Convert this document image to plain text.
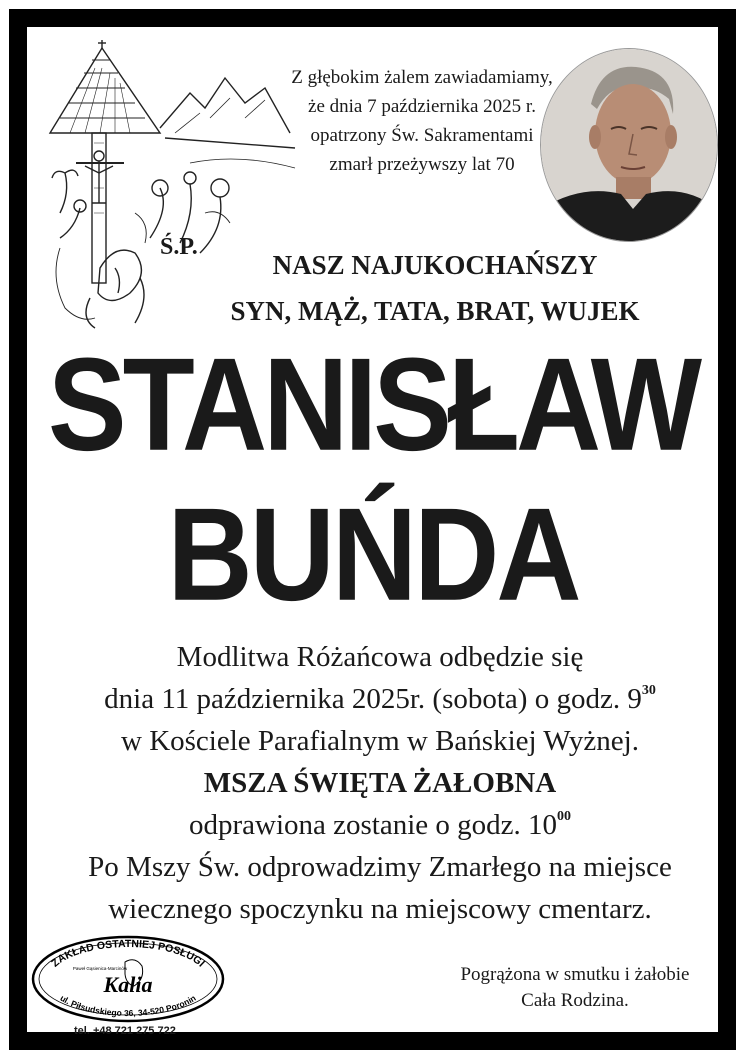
Ś.P.
Z głębokim żalem zawiadamiamy,
że dnia 7 października 2025 r.
opatrzony Św. Sakramentami
zmarł przeżywszy lat 70
NASZ NAJUKOCHAŃSZY
SYN, MĄŻ, TATA, BRAT, WUJEK
STANISŁAW
BUŃDA
Modlitwa Różańcowa odbędzie się
dnia 11 października 2025r. (sobota) o godz. $9^{30}$
w Kościele Parafialnym w Bańskiej Wyżnej.
MSZA ŚWIĘTA ŻAŁOBNA
odprawiona zostanie o godz. $10^{00}$
Po Mszy Św. odprowadzimy Zmarłego na miejsce
wiecznego spoczynku na miejscowy cmentarz.
ZAKŁAD OSTATNIEJ POSŁUGI
Paweł Gąsienica-Marcinów
Kalia
ul. Piłsudskiego 36, 34-520 Poronin
tel. +48 721 275 722
Pogrążona w smutku i żałobie
Cała Rodzina.
